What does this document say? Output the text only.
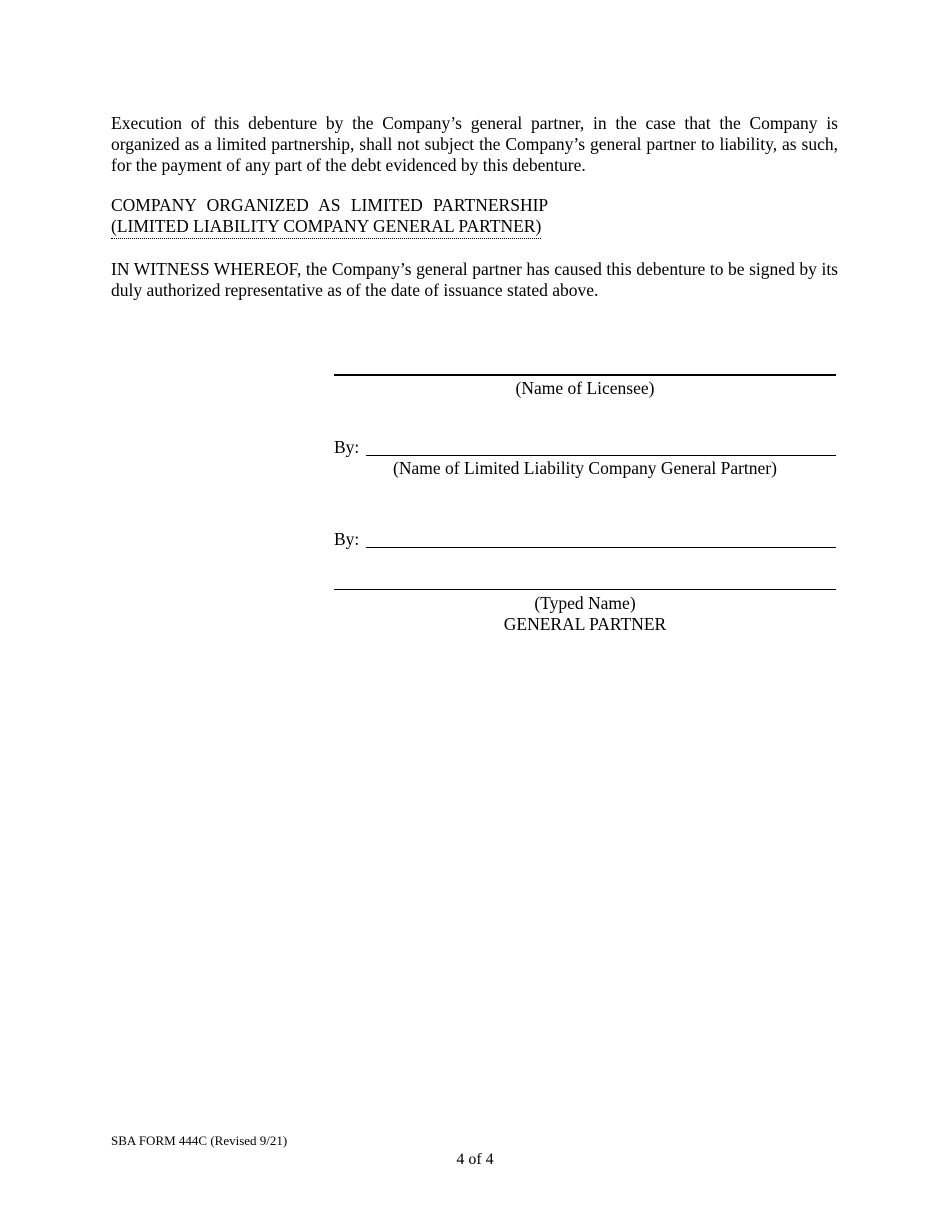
Execution of this debenture by the Company’s general partner, in the case that the Company is organized as a limited partnership, shall not subject the Company’s general partner to liability, as such, for the payment of any part of the debt evidenced by this debenture.

COMPANY ORGANIZED AS LIMITED PARTNERSHIP
(LIMITED LIABILITY COMPANY GENERAL PARTNER)

IN WITNESS WHEREOF, the Company’s general partner has caused this debenture to be signed by its duly authorized representative as of the date of issuance stated above.

(Name of Licensee)
By:
(Name of Limited Liability Company General Partner)
By:
(Typed Name)
GENERAL PARTNER
SBA FORM 444C (Revised 9/21)
4 of 4
